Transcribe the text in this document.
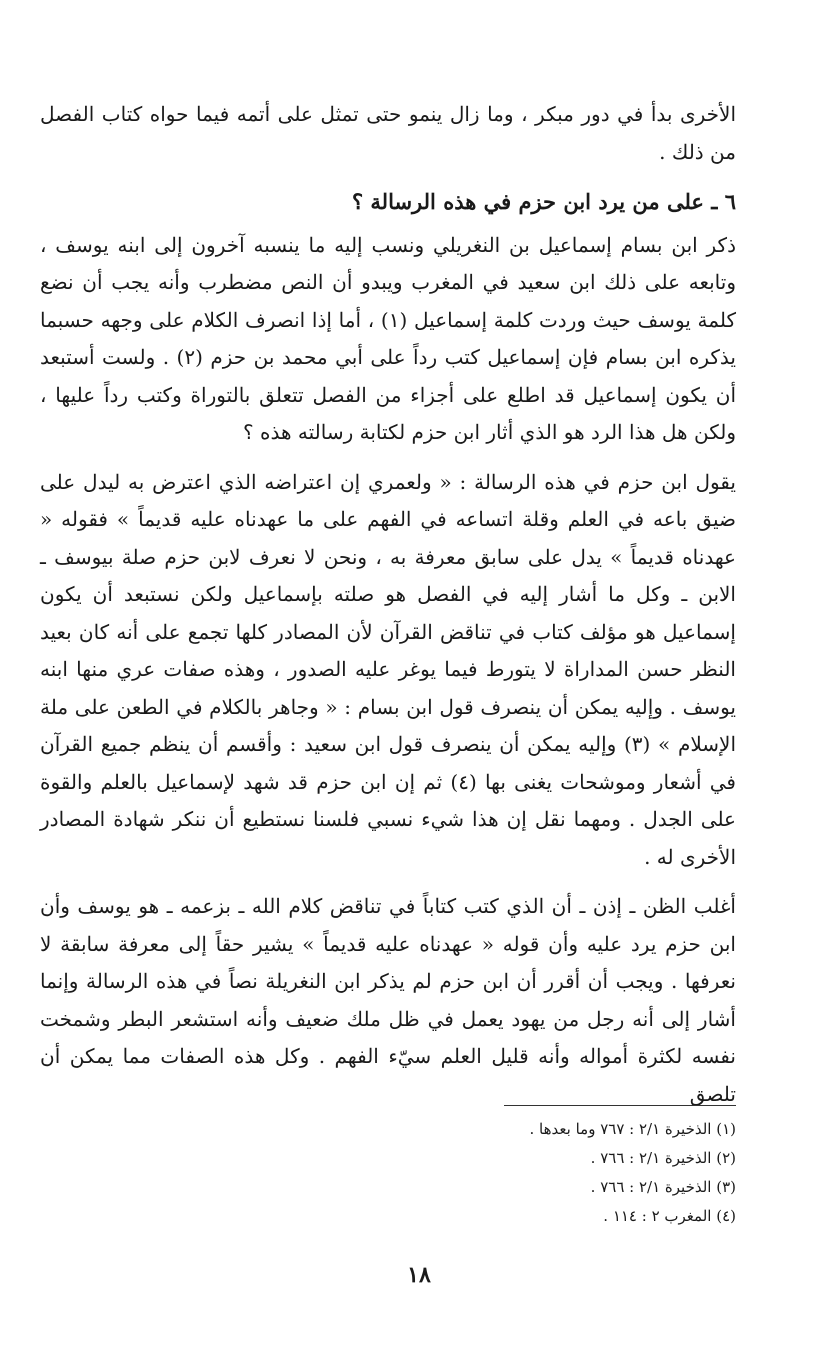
الأخرى بدأ في دور مبكر ، وما زال ينمو حتى تمثل على أتمه فيما حواه كتاب الفصل من ذلك .

٦ ـ على من يرد ابن حزم في هذه الرسالة ؟

ذكر ابن بسام إسماعيل بن النغريلي ونسب إليه ما ينسبه آخرون إلى ابنه يوسف ، وتابعه على ذلك ابن سعيد في المغرب ويبدو أن النص مضطرب وأنه يجب أن نضع كلمة يوسف حيث وردت كلمة إسماعيل (١) ، أما إذا انصرف الكلام على وجهه حسبما يذكره ابن بسام فإن إسماعيل كتب رداً على أبي محمد بن حزم (٢) . ولست أستبعد أن يكون إسماعيل قد اطلع على أجزاء من الفصل تتعلق بالتوراة وكتب رداً عليها ، ولكن هل هذا الرد هو الذي أثار ابن حزم لكتابة رسالته هذه ؟

يقول ابن حزم في هذه الرسالة : « ولعمري إن اعتراضه الذي اعترض به ليدل على ضيق باعه في العلم وقلة اتساعه في الفهم على ما عهدناه عليه قديماً » فقوله « عهدناه قديماً » يدل على سابق معرفة به ، ونحن لا نعرف لابن حزم صلة بيوسف ـ الابن ـ وكل ما أشار إليه في الفصل هو صلته بإسماعيل ولكن نستبعد أن يكون إسماعيل هو مؤلف كتاب في تناقض القرآن لأن المصادر كلها تجمع على أنه كان بعيد النظر حسن المداراة لا يتورط فيما يوغر عليه الصدور ، وهذه صفات عري منها ابنه يوسف . وإليه يمكن أن ينصرف قول ابن بسام : « وجاهر بالكلام في الطعن على ملة الإسلام » (٣) وإليه يمكن أن ينصرف قول ابن سعيد : وأقسم أن ينظم جميع القرآن في أشعار وموشحات يغنى بها (٤) ثم إن ابن حزم قد شهد لإسماعيل بالعلم والقوة على الجدل . ومهما نقل إن هذا شيء نسبي فلسنا نستطيع أن ننكر شهادة المصادر الأخرى له .

أغلب الظن ـ إذن ـ أن الذي كتب كتاباً في تناقض كلام الله ـ بزعمه ـ هو يوسف وأن ابن حزم يرد عليه وأن قوله « عهدناه عليه قديماً » يشير حقاً إلى معرفة سابقة لا نعرفها . ويجب أن أقرر أن ابن حزم لم يذكر ابن النغريلة نصاً في هذه الرسالة وإنما أشار إلى أنه رجل من يهود يعمل في ظل ملك ضعيف وأنه استشعر البطر وشمخت نفسه لكثرة أمواله وأنه قليل العلم سيّء الفهم . وكل هذه الصفات مما يمكن أن تلصق

(١) الذخيرة ٢/١ : ٧٦٧ وما بعدها .

(٢) الذخيرة ٢/١ : ٧٦٦ .

(٣) الذخيرة ٢/١ : ٧٦٦ .

(٤) المغرب ٢ : ١١٤ .

١٨
